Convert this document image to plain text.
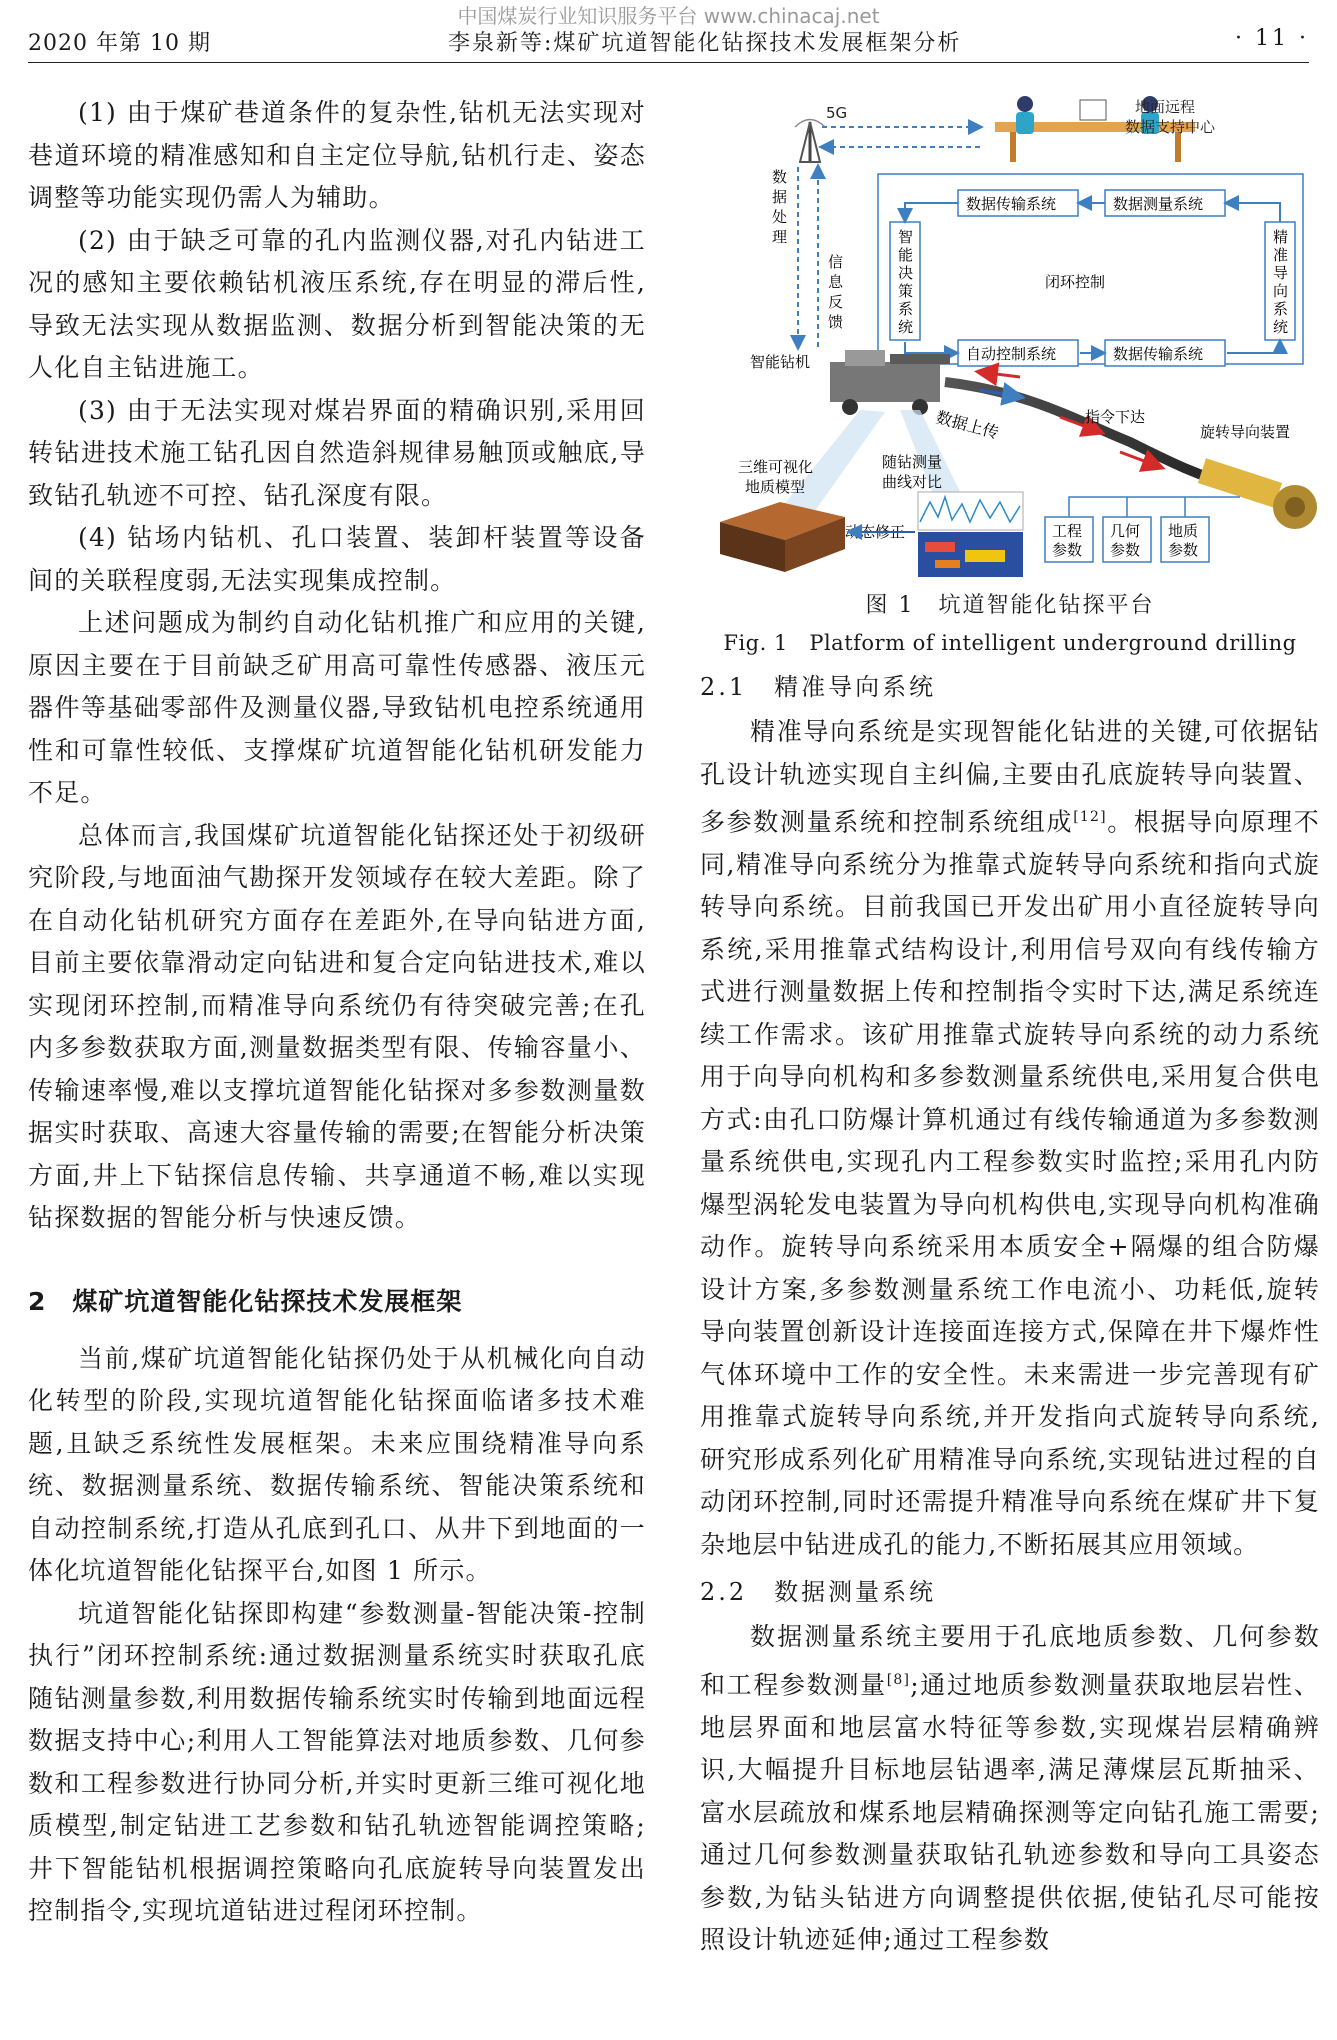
中国煤炭行业知识服务平台 www.chinacaj.net
2020 年第 10 期	李泉新等:煤矿坑道智能化钻探技术发展框架分析	· 11 ·

(1) 由于煤矿巷道条件的复杂性,钻机无法实现对巷道环境的精准感知和自主定位导航,钻机行走、姿态调整等功能实现仍需人为辅助。

(2) 由于缺乏可靠的孔内监测仪器,对孔内钻进工况的感知主要依赖钻机液压系统,存在明显的滞后性,导致无法实现从数据监测、数据分析到智能决策的无人化自主钻进施工。

(3) 由于无法实现对煤岩界面的精确识别,采用回转钻进技术施工钻孔因自然造斜规律易触顶或触底,导致钻孔轨迹不可控、钻孔深度有限。

(4) 钻场内钻机、孔口装置、装卸杆装置等设备间的关联程度弱,无法实现集成控制。

上述问题成为制约自动化钻机推广和应用的关键,原因主要在于目前缺乏矿用高可靠性传感器、液压元器件等基础零部件及测量仪器,导致钻机电控系统通用性和可靠性较低、支撑煤矿坑道智能化钻机研发能力不足。

总体而言,我国煤矿坑道智能化钻探还处于初级研究阶段,与地面油气勘探开发领域存在较大差距。除了在自动化钻机研究方面存在差距外,在导向钻进方面,目前主要依靠滑动定向钻进和复合定向钻进技术,难以实现闭环控制,而精准导向系统仍有待突破完善;在孔内多参数获取方面,测量数据类型有限、传输容量小、传输速率慢,难以支撑坑道智能化钻探对多参数测量数据实时获取、高速大容量传输的需要;在智能分析决策方面,井上下钻探信息传输、共享通道不畅,难以实现钻探数据的智能分析与快速反馈。

2　煤矿坑道智能化钻探技术发展框架

当前,煤矿坑道智能化钻探仍处于从机械化向自动化转型的阶段,实现坑道智能化钻探面临诸多技术难题,且缺乏系统性发展框架。未来应围绕精准导向系统、数据测量系统、数据传输系统、智能决策系统和自动控制系统,打造从孔底到孔口、从井下到地面的一体化坑道智能化钻探平台,如图 1 所示。

坑道智能化钻探即构建“参数测量-智能决策-控制执行”闭环控制系统:通过数据测量系统实时获取孔底随钻测量参数,利用数据传输系统实时传输到地面远程数据支持中心;利用人工智能算法对地质参数、几何参数和工程参数进行协同分析,并实时更新三维可视化地质模型,制定钻进工艺参数和钻孔轨迹智能调控策略;井下智能钻机根据调控策略向孔底旋转导向装置发出控制指令,实现坑道钻进过程闭环控制。

5G	地面远程
数据支持中心
数
据
处
理
信
息
反
馈
数据传输系统	数据测量系统
智
能
决
策
系
统
精
准
导
向
系
统
闭环控制
自动控制系统	数据传输系统
智能钻机
数据上传	指令下达
旋转导向装置
工程
参数
几何
参数
地质
参数
三维可视化
地质模型
动态修正
随钻测量
曲线对比
图 1　坑道智能化钻探平台
Fig. 1　Platform of intelligent underground drilling
2.1　精准导向系统

精准导向系统是实现智能化钻进的关键,可依据钻孔设计轨迹实现自主纠偏,主要由孔底旋转导向装置、多参数测量系统和控制系统组成[12]。根据导向原理不同,精准导向系统分为推靠式旋转导向系统和指向式旋转导向系统。目前我国已开发出矿用小直径旋转导向系统,采用推靠式结构设计,利用信号双向有线传输方式进行测量数据上传和控制指令实时下达,满足系统连续工作需求。该矿用推靠式旋转导向系统的动力系统用于向导向机构和多参数测量系统供电,采用复合供电方式:由孔口防爆计算机通过有线传输通道为多参数测量系统供电,实现孔内工程参数实时监控;采用孔内防爆型涡轮发电装置为导向机构供电,实现导向机构准确动作。旋转导向系统采用本质安全+隔爆的组合防爆设计方案,多参数测量系统工作电流小、功耗低,旋转导向装置创新设计连接面连接方式,保障在井下爆炸性气体环境中工作的安全性。未来需进一步完善现有矿用推靠式旋转导向系统,并开发指向式旋转导向系统,研究形成系列化矿用精准导向系统,实现钻进过程的自动闭环控制,同时还需提升精准导向系统在煤矿井下复杂地层中钻进成孔的能力,不断拓展其应用领域。

2.2　数据测量系统

数据测量系统主要用于孔底地质参数、几何参数和工程参数测量[8];通过地质参数测量获取地层岩性、地层界面和地层富水特征等参数,实现煤岩层精确辨识,大幅提升目标地层钻遇率,满足薄煤层瓦斯抽采、富水层疏放和煤系地层精确探测等定向钻孔施工需要;通过几何参数测量获取钻孔轨迹参数和导向工具姿态参数,为钻头钻进方向调整提供依据,使钻孔尽可能按照设计轨迹延伸;通过工程参数
